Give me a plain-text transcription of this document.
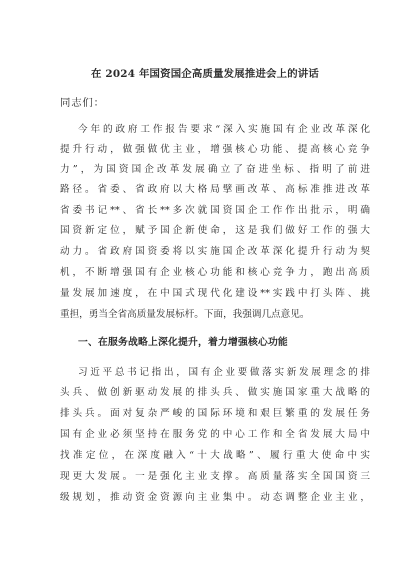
在 2024 年国资国企高质量发展推进会上的讲话
同志们：
今年的政府工作报告要求“深入实施国有企业改革深化
提升行动，做强做优主业，增强核心功能、提高核心竞争
力”，为国资国企改革发展确立了奋进坐标、指明了前进
路径。省委、省政府以大格局擘画改革、高标准推进改革
省委书记**、省长**多次就国资国企工作作出批示，明确
国资新定位，赋予国企新使命，这是我们做好工作的强大
动力。省政府国资委将以实施国企改革深化提升行动为契
机，不断增强国有企业核心功能和核心竞争力，跑出高质
量发展加速度，在中国式现代化建设**实践中打头阵、挑
重担，勇当全省高质量发展标杆。下面，我强调几点意见。
一、在服务战略上深化提升，着力增强核心功能
习近平总书记指出，国有企业要做落实新发展理念的排
头兵、做创新驱动发展的排头兵、做实施国家重大战略的
排头兵。面对复杂严峻的国际环境和艰巨繁重的发展任务
国有企业必须坚持在服务党的中心工作和全省发展大局中
找准定位，在深度融入“十大战略”、履行重大使命中实
现更大发展。一是强化主业支撑。高质量落实全国国资三
级规划，推动资金资源向主业集中。动态调整企业主业，
